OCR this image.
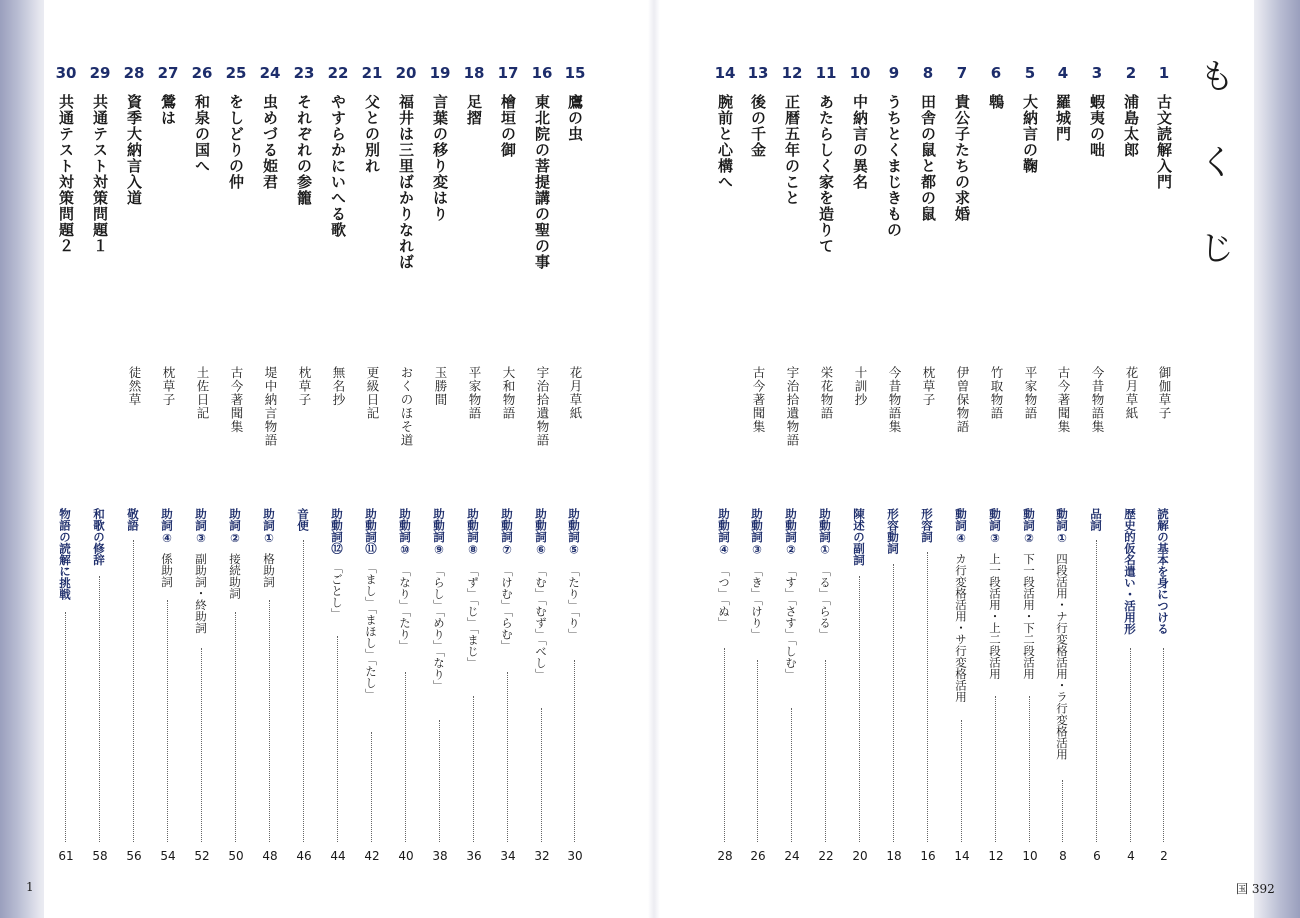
も
く
じ
1
古文読解入門
御伽草子
読解の基本を身につける
2
2
浦島太郎
花月草紙
歴史的仮名遣い・活用形
4
3
蝦夷の咄
今昔物語集
品詞
6
4
羅城門
古今著聞集
動詞①四段活用・ナ行変格活用・ラ行変格活用
8
5
大納言の鞠
平家物語
動詞②下一段活用・下二段活用
10
6
鵯
竹取物語
動詞③上一段活用・上二段活用
12
7
貴公子たちの求婚
伊曽保物語
動詞④カ行変格活用・サ行変格活用
14
8
田舎の鼠と都の鼠
枕草子
形容詞
16
9
うちとくまじきもの
今昔物語集
形容動詞
18
10
中納言の異名
十訓抄
陳述の副詞
20
11
あたらしく家を造りて
栄花物語
助動詞①「る」「らる」
22
12
正暦五年のこと
宇治拾遺物語
助動詞②「す」「さす」「しむ」
24
13
後の千金
古今著聞集
助動詞③「き」「けり」
26
14
腕前と心構へ
助動詞④「つ」「ぬ」
28
15
鷹の虫
花月草紙
助動詞⑤「たり」「り」
30
16
東北院の菩提講の聖の事
宇治拾遺物語
助動詞⑥「む」「むず」「べし」
32
17
檜垣の御
大和物語
助動詞⑦「けむ」「らむ」
34
18
足摺
平家物語
助動詞⑧「ず」「じ」「まじ」
36
19
言葉の移り変はり
玉勝間
助動詞⑨「らし」「めり」「なり」
38
20
福井は三里ばかりなれば
おくのほそ道
助動詞⑩「なり」「たり」
40
21
父との別れ
更級日記
助動詞⑪「まし」「まほし」「たし」
42
22
やすらかにいへる歌
無名抄
助動詞⑫「ごとし」
44
23
それぞれの参籠
枕草子
音便
46
24
虫めづる姫君
堤中納言物語
助詞①格助詞
48
25
をしどりの仲
古今著聞集
助詞②接続助詞
50
26
和泉の国へ
土佐日記
助詞③副助詞・終助詞
52
27
鶯は
枕草子
助詞④係助詞
54
28
資季大納言入道
徒然草
敬語
56
29
共通テスト対策問題１
和歌の修辞
58
30
共通テスト対策問題２
物語の読解に挑戦
61
1	国 392
